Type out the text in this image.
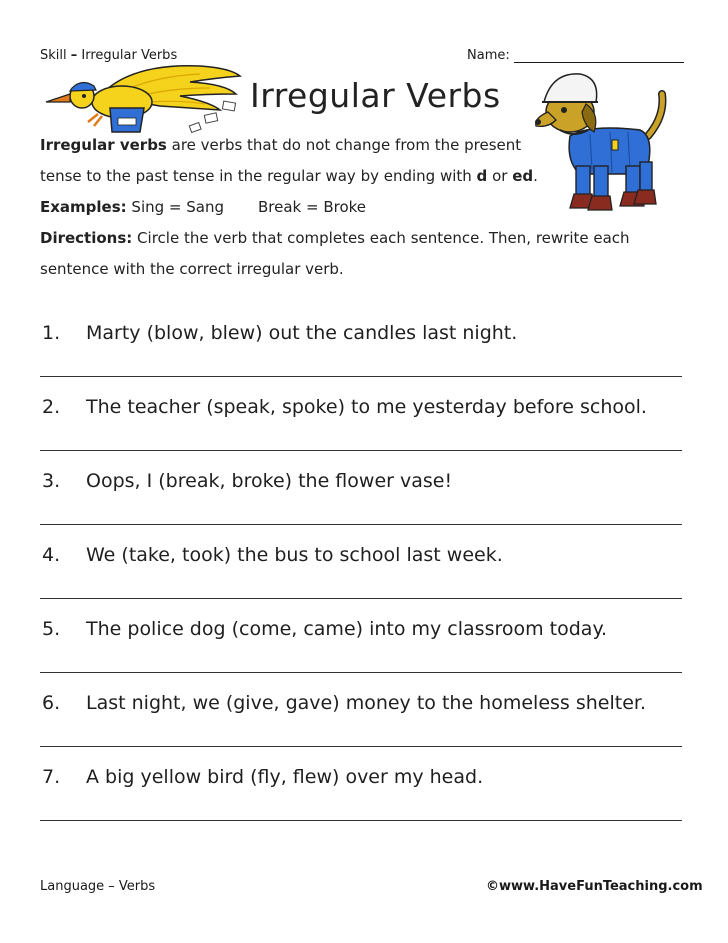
Skill – Irregular Verbs	Name:
Irregular Verbs
Irregular verbs are verbs that do not change from the present
tense to the past tense in the regular way by ending with d or ed.
Examples: Sing = Sang Break = Broke
Directions: Circle the verb that completes each sentence. Then, rewrite each
sentence with the correct irregular verb.
1. Marty (blow, blew) out the candles last night.
2. The teacher (speak, spoke) to me yesterday before school.
3. Oops, I (break, broke) the flower vase!
4. We (take, took) the bus to school last week.
5. The police dog (come, came) into my classroom today.
6. Last night, we (give, gave) money to the homeless shelter.
7. A big yellow bird (fly, flew) over my head.
Language – Verbs	©www.HaveFunTeaching.com
